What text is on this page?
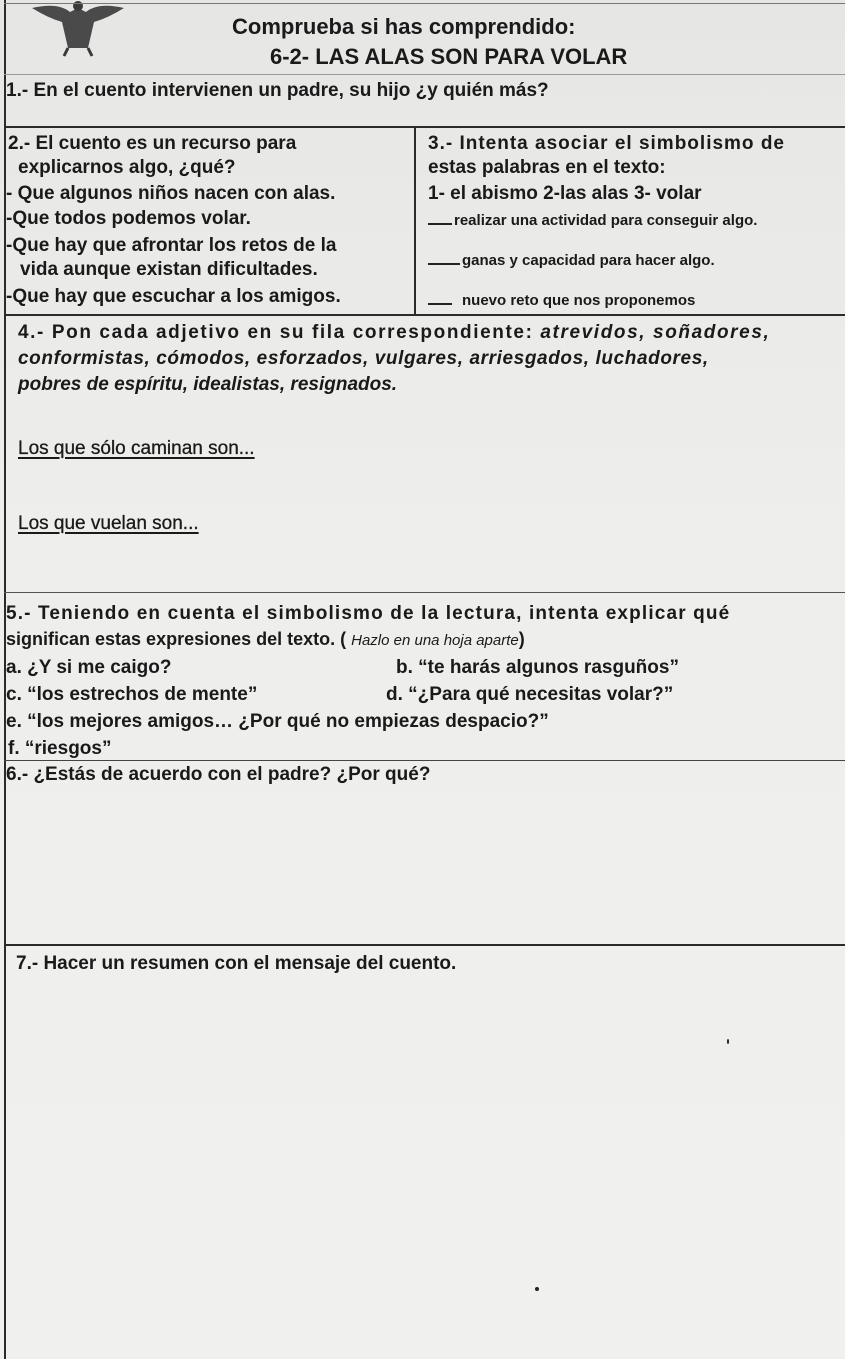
Comprueba si has comprendido:
6-2- LAS ALAS SON PARA VOLAR
1.- En el cuento intervienen un padre, su hijo ¿y quién más?
2.- El cuento es un recurso para
explicarnos algo, ¿qué?
- Que algunos niños nacen con alas.
-Que todos podemos volar.
-Que hay que afrontar los retos de la
vida aunque existan dificultades.
-Que hay que escuchar a los amigos.
3.- Intenta asociar el simbolismo de
estas palabras en el texto:
1- el abismo 2-las alas 3- volar
realizar una actividad para conseguir algo.
ganas y capacidad para hacer algo.
nuevo reto que nos proponemos
4.- Pon cada adjetivo en su fila correspondiente: atrevidos, soñadores,
conformistas, cómodos, esforzados, vulgares, arriesgados, luchadores,
pobres de espíritu, idealistas, resignados.
Los que sólo caminan son...
Los que vuelan son...
5.- Teniendo en cuenta el simbolismo de la lectura, intenta explicar qué
significan estas expresiones del texto. ( Hazlo en una hoja aparte)
a. ¿Y si me caigo?	b. “te harás algunos rasguños”
c. “los estrechos de mente”	d. “¿Para qué necesitas volar?”
e. “los mejores amigos… ¿Por qué no empiezas despacio?”
f. “riesgos”
6.- ¿Estás de acuerdo con el padre? ¿Por qué?
7.- Hacer un resumen con el mensaje del cuento.
